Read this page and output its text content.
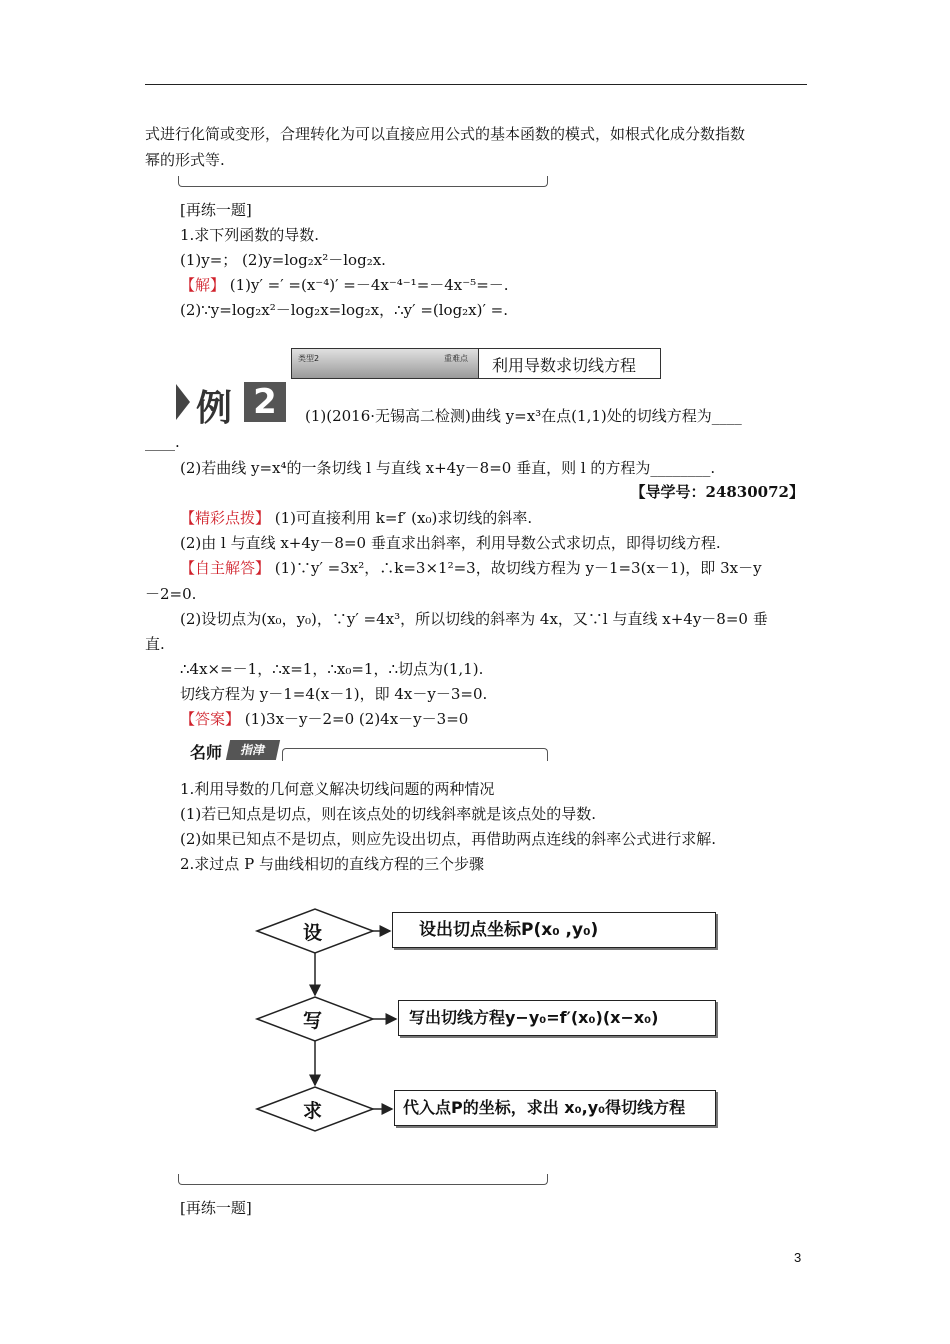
式进行化简或变形，合理转化为可以直接应用公式的基本函数的模式，如根式化成分数指数
幂的形式等.
[再练一题]
1.求下列函数的导数.
(1)y=； (2)y=log₂x²－log₂x.
【解】 (1)y′ =′ =(x⁻⁴)′ =－4x⁻⁴⁻¹=－4x⁻⁵=－.
(2)∵y=log₂x²－log₂x=log₂x，∴y′ =(log₂x)′ =.
类型2	重难点 利用导数求切线方程
例 2	(1)(2016·无锡高二检测)曲线 y=x³在点(1,1)处的切线方程为____
____.
(2)若曲线 y=x⁴的一条切线 l 与直线 x+4y－8=0 垂直，则 l 的方程为________.
【导学号：24830072】
【精彩点拨】 (1)可直接利用 k=f′ (x₀)求切线的斜率.
(2)由 l 与直线 x+4y－8=0 垂直求出斜率，利用导数公式求切点，即得切线方程.
【自主解答】 (1)∵y′ =3x²，∴k=3×1²=3，故切线方程为 y－1=3(x－1)，即 3x－y
－2=0.
(2)设切点为(x₀，y₀)，∵y′ =4x³，所以切线的斜率为 4x，又∵l 与直线 x+4y－8=0 垂
直.
∴4x×=－1，∴x=1，∴x₀=1，∴切点为(1,1).
切线方程为 y－1=4(x－1)，即 4x－y－3=0.
【答案】 (1)3x－y－2=0 (2)4x－y－3=0
名师	指津
1.利用导数的几何意义解决切线问题的两种情况
(1)若已知点是切点，则在该点处的切线斜率就是该点处的导数.
(2)如果已知点不是切点，则应先设出切点，再借助两点连线的斜率公式进行求解.
2.求过点 P 与曲线相切的直线方程的三个步骤
设
写
求
设出切点坐标P(x₀ ,y₀)
写出切线方程y−y₀=f′(x₀)(x−x₀)
代入点P的坐标，求出 x₀,y₀得切线方程
[再练一题]
3
